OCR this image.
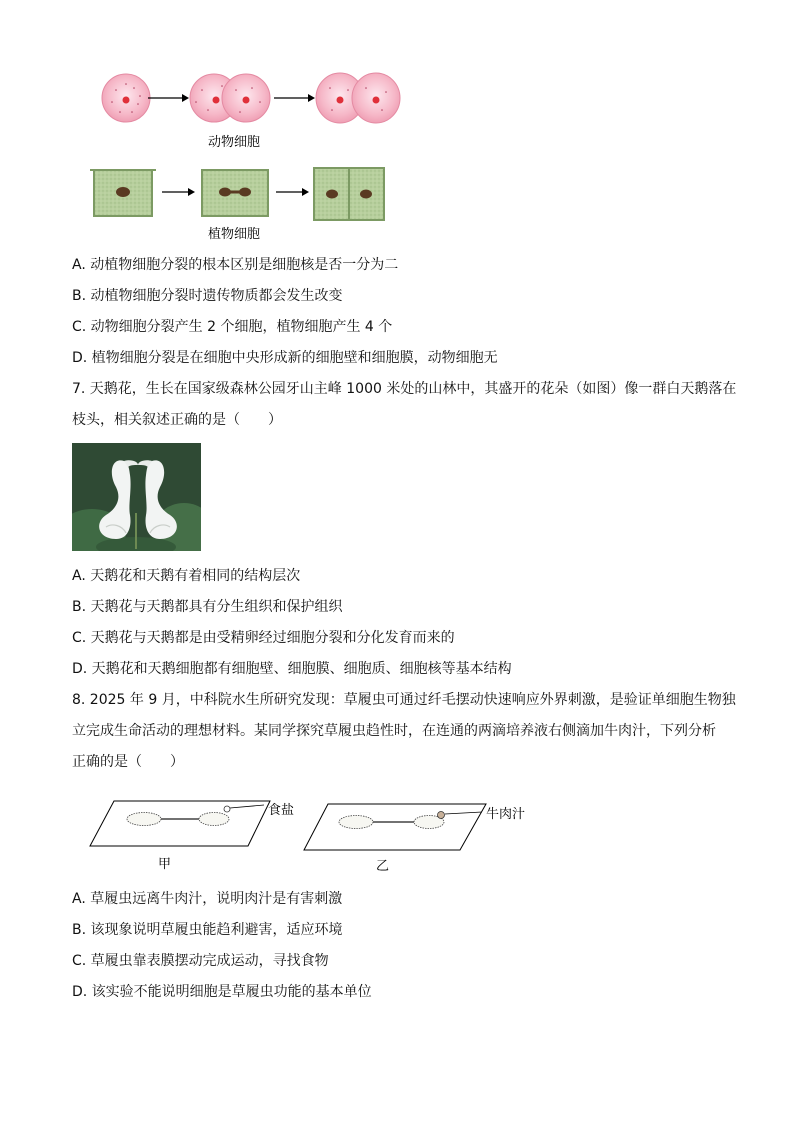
动物细胞
植物细胞
A. 动植物细胞分裂的根本区别是细胞核是否一分为二
B. 动植物细胞分裂时遗传物质都会发生改变
C. 动物细胞分裂产生 2 个细胞，植物细胞产生 4 个
D. 植物细胞分裂是在细胞中央形成新的细胞壁和细胞膜，动物细胞无
7. 天鹅花，生长在国家级森林公园牙山主峰 1000 米处的山林中，其盛开的花朵（如图）像一群白天鹅落在
枝头，相关叙述正确的是（　　）
A. 天鹅花和天鹅有着相同的结构层次
B. 天鹅花与天鹅都具有分生组织和保护组织
C. 天鹅花与天鹅都是由受精卵经过细胞分裂和分化发育而来的
D. 天鹅花和天鹅细胞都有细胞壁、细胞膜、细胞质、细胞核等基本结构
8. 2025 年 9 月，中科院水生所研究发现：草履虫可通过纤毛摆动快速响应外界刺激，是验证单细胞生物独
立完成生命活动的理想材料。某同学探究草履虫趋性时，在连通的两滴培养液右侧滴加牛肉汁，下列分析
正确的是（　　）
食盐
甲
牛肉汁
乙
A. 草履虫远离牛肉汁，说明肉汁是有害刺激
B. 该现象说明草履虫能趋利避害，适应环境
C. 草履虫靠表膜摆动完成运动，寻找食物
D. 该实验不能说明细胞是草履虫功能的基本单位
